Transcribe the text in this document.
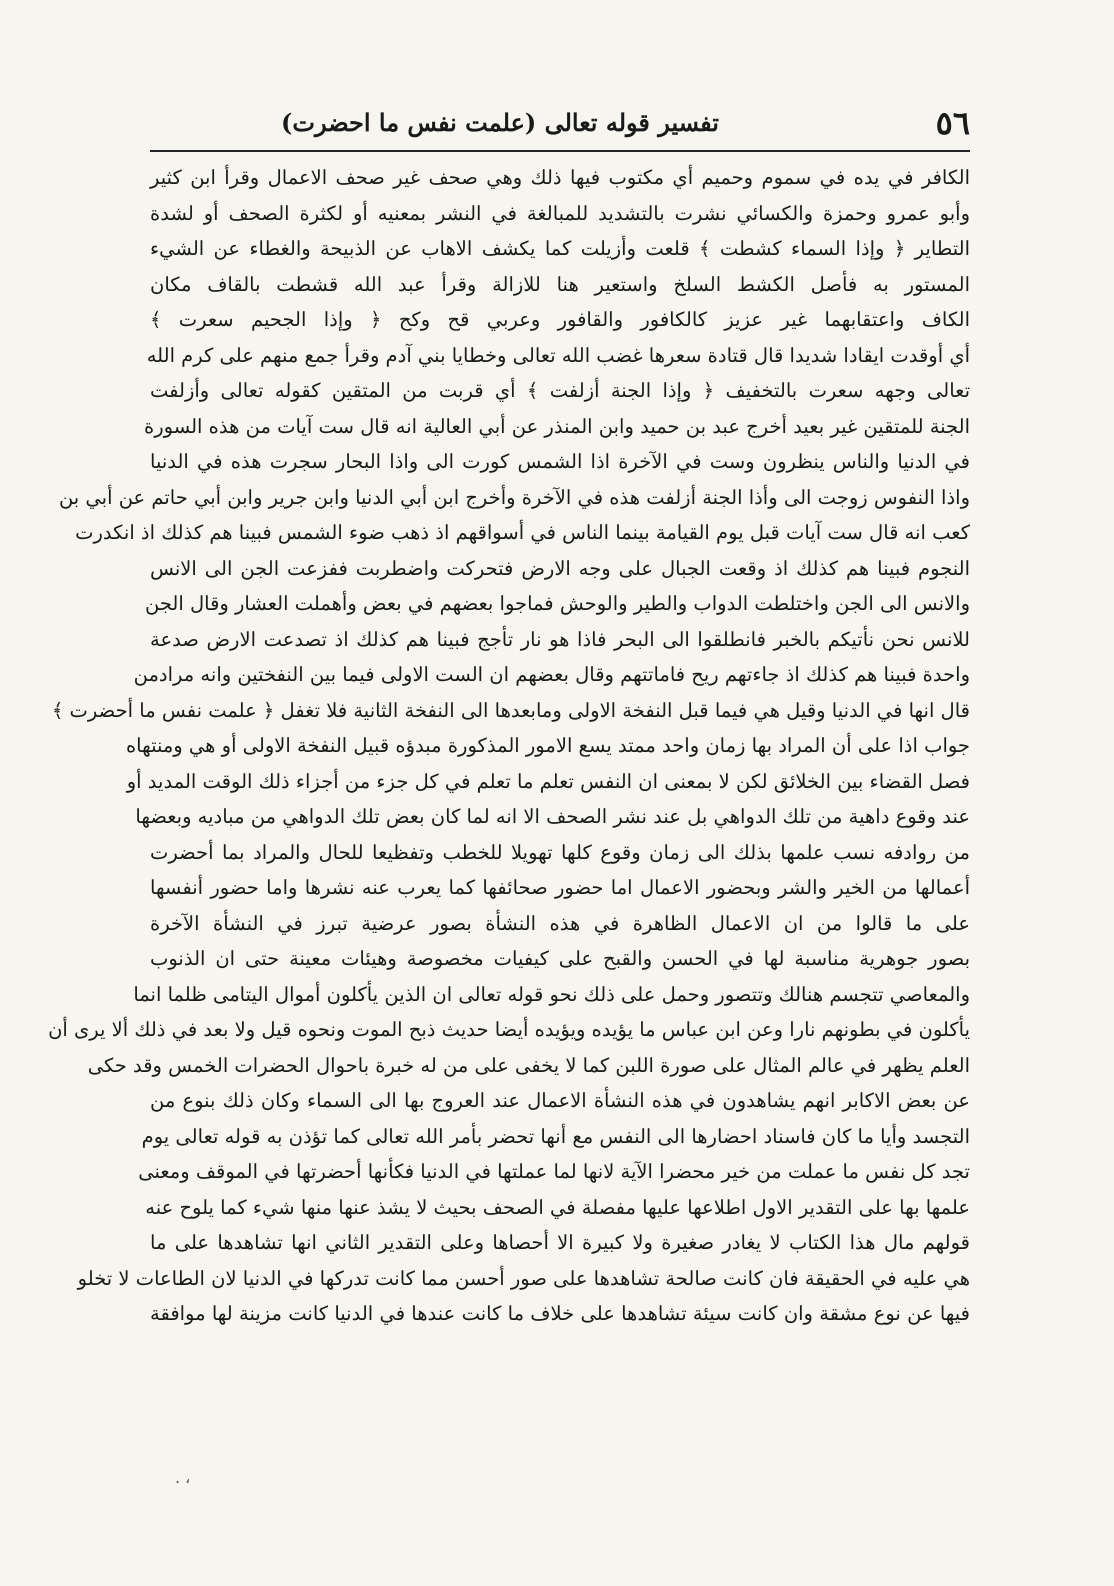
٥٦
تفسير قوله تعالى (علمت نفس ما احضرت)
الكافر في يده في سموم وحميم أي مكتوب فيها ذلك وهي صحف غير صحف الاعمال وقرأ ابن كثير
وأبو عمرو وحمزة والكسائي نشرت بالتشديد للمبالغة في النشر بمعنيه أو لكثرة الصحف أو لشدة
التطاير ﴿ وإذا السماء كشطت ﴾ قلعت وأزيلت كما يكشف الاهاب عن الذبيحة والغطاء عن الشيء
المستور به فأصل الكشط السلخ واستعير هنا للازالة وقرأ عبد الله قشطت بالقاف مكان
الكاف واعتقابهما غير عزيز كالكافور والقافور وعربي قح وكح ﴿ وإذا الجحيم سعرت ﴾
أي أوقدت ايقادا شديدا قال قتادة سعرها غضب الله تعالى وخطايا بني آدم وقرأ جمع منهم على كرم الله
تعالى وجهه سعرت بالتخفيف ﴿ وإذا الجنة أزلفت ﴾ أي قربت من المتقين كقوله تعالى وأزلفت
الجنة للمتقين غير بعيد أخرج عبد بن حميد وابن المنذر عن أبي العالية انه قال ست آيات من هذه السورة
في الدنيا والناس ينظرون وست في الآخرة اذا الشمس كورت الى واذا البحار سجرت هذه في الدنيا
واذا النفوس زوجت الى وأذا الجنة أزلفت هذه في الآخرة وأخرج ابن أبي الدنيا وابن جرير وابن أبي حاتم عن أبي بن
كعب انه قال ست آيات قبل يوم القيامة بينما الناس في أسواقهم اذ ذهب ضوء الشمس فبينا هم كذلك اذ انكدرت
النجوم فبينا هم كذلك اذ وقعت الجبال على وجه الارض فتحركت واضطربت ففزعت الجن الى الانس
والانس الى الجن واختلطت الدواب والطير والوحش فماجوا بعضهم في بعض وأهملت العشار وقال الجن
للانس نحن نأتيكم بالخبر فانطلقوا الى البحر فاذا هو نار تأجج فبينا هم كذلك اذ تصدعت الارض صدعة
واحدة فبينا هم كذلك اذ جاءتهم ريح فاماتتهم وقال بعضهم ان الست الاولى فيما بين النفختين وانه مرادمن
قال انها في الدنيا وقيل هي فيما قبل النفخة الاولى ومابعدها الى النفخة الثانية فلا تغفل ﴿ علمت نفس ما أحضرت ﴾
جواب اذا على أن المراد بها زمان واحد ممتد يسع الامور المذكورة مبدؤه قبيل النفخة الاولى أو هي ومنتهاه
فصل القضاء بين الخلائق لكن لا بمعنى ان النفس تعلم ما تعلم في كل جزء من أجزاء ذلك الوقت المديد أو
عند وقوع داهية من تلك الدواهي بل عند نشر الصحف الا انه لما كان بعض تلك الدواهي من مباديه وبعضها
من روادفه نسب علمها بذلك الى زمان وقوع كلها تهويلا للخطب وتفظيعا للحال والمراد بما أحضرت
أعمالها من الخير والشر وبحضور الاعمال اما حضور صحائفها كما يعرب عنه نشرها واما حضور أنفسها
على ما قالوا من ان الاعمال الظاهرة في هذه النشأة بصور عرضية تبرز في النشأة الآخرة
بصور جوهرية مناسبة لها في الحسن والقبح على كيفيات مخصوصة وهيئات معينة حتى ان الذنوب
والمعاصي تتجسم هنالك وتتصور وحمل على ذلك نحو قوله تعالى ان الذين يأكلون أموال اليتامى ظلما انما
يأكلون في بطونهم نارا وعن ابن عباس ما يؤيده ويؤيده أيضا حديث ذبح الموت ونحوه قيل ولا بعد في ذلك ألا يرى أن
العلم يظهر في عالم المثال على صورة اللبن كما لا يخفى على من له خبرة باحوال الحضرات الخمس وقد حكى
عن بعض الاكابر انهم يشاهدون في هذه النشأة الاعمال عند العروج بها الى السماء وكان ذلك بنوع من
التجسد وأيا ما كان فاسناد احضارها الى النفس مع أنها تحضر بأمر الله تعالى كما تؤذن به قوله تعالى يوم
تجد كل نفس ما عملت من خير محضرا الآية لانها لما عملتها في الدنيا فكأنها أحضرتها في الموقف ومعنى
علمها بها على التقدير الاول اطلاعها عليها مفصلة في الصحف بحيث لا يشذ عنها منها شيء كما يلوح عنه
قولهم مال هذا الكتاب لا يغادر صغيرة ولا كبيرة الا أحصاها وعلى التقدير الثاني انها تشاهدها على ما
هي عليه في الحقيقة فان كانت صالحة تشاهدها على صور أحسن مما كانت تدركها في الدنيا لان الطاعات لا تخلو
فيها عن نوع مشقة وان كانت سيئة تشاهدها على خلاف ما كانت عندها في الدنيا كانت مزينة لها موافقة
. ،
